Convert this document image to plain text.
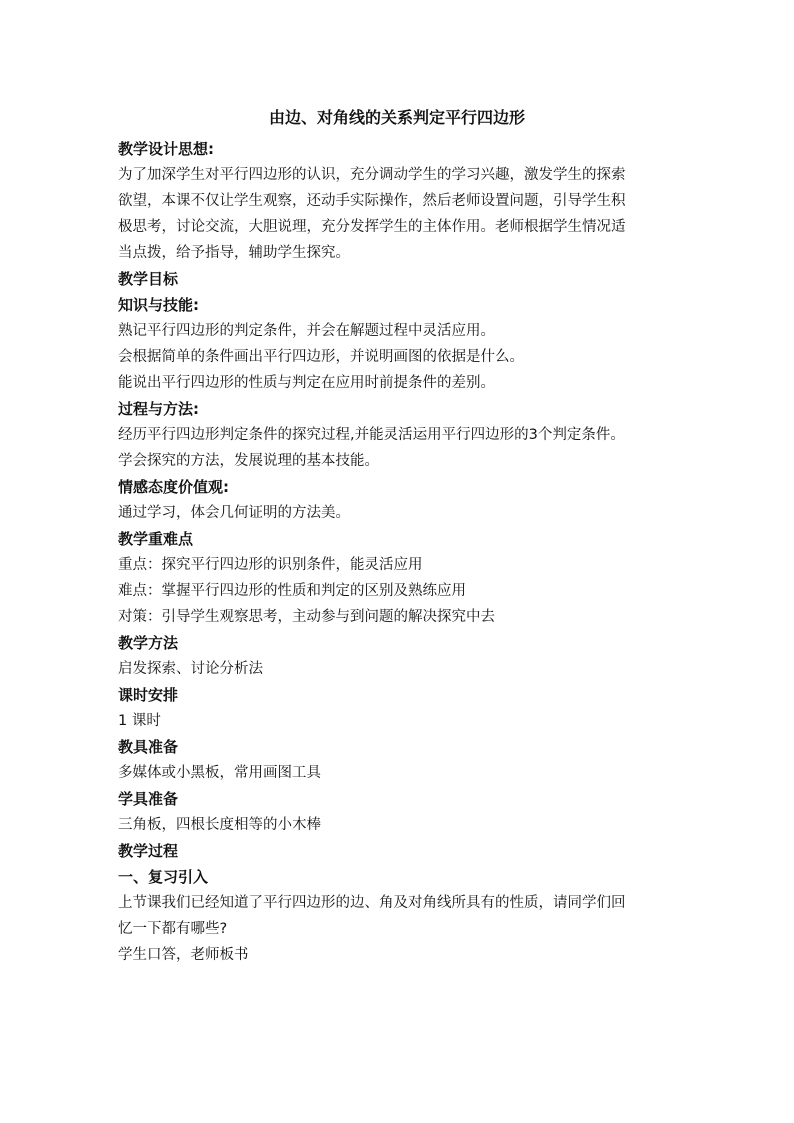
由边、对角线的关系判定平行四边形
教学设计思想:
为了加深学生对平行四边形的认识，充分调动学生的学习兴趣，激发学生的探索
欲望，本课不仅让学生观察，还动手实际操作，然后老师设置问题，引导学生积
极思考，讨论交流，大胆说理，充分发挥学生的主体作用。老师根据学生情况适
当点拨，给予指导，辅助学生探究。
教学目标
知识与技能:
熟记平行四边形的判定条件，并会在解题过程中灵活应用。
会根据简单的条件画出平行四边形，并说明画图的依据是什么。
能说出平行四边形的性质与判定在应用时前提条件的差别。
过程与方法:
经历平行四边形判定条件的探究过程,并能灵活运用平行四边形的3个判定条件。
学会探究的方法，发展说理的基本技能。
情感态度价值观:
通过学习，体会几何证明的方法美。
教学重难点
重点：探究平行四边形的识别条件，能灵活应用
难点：掌握平行四边形的性质和判定的区别及熟练应用
对策：引导学生观察思考，主动参与到问题的解决探究中去
教学方法
启发探索、讨论分析法
课时安排
1 课时
教具准备
多媒体或小黑板，常用画图工具
学具准备
三角板，四根长度相等的小木棒
教学过程
一、复习引入
上节课我们已经知道了平行四边形的边、角及对角线所具有的性质，请同学们回
忆一下都有哪些?
学生口答，老师板书
